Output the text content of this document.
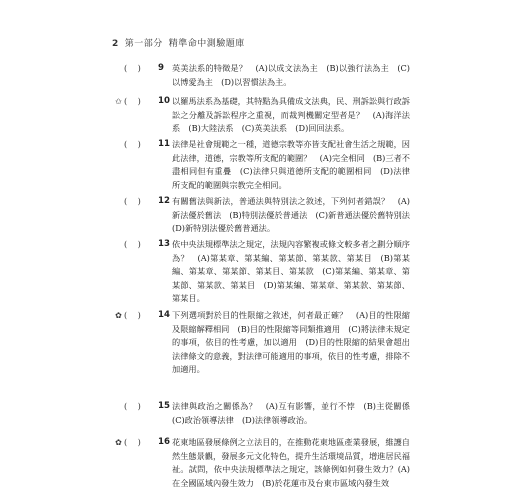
2 第一部分 精準命中測驗題庫
(    )	9 英美法系的特徵是？　(A)以成文法為主　(B)以強行法為主　(C)以博愛為主　(D)以習慣法為主。
✩ (    )	10 以羅馬法系為基礎，其特點為具備成文法典，民、刑訴訟與行政訴訟之分離及訴訟程序之重視，而裁判機關定型者是？　(A)海洋法系　(B)大陸法系　(C)英美法系　(D)回回法系。
(    )	11 法律是社會規範之一種，道德宗教等亦皆支配社會生活之規範，因此法律，道德，宗教等所支配的範圍？　(A)完全相同　(B)三者不盡相同但有重疊　(C)法律只與道德所支配的範圍相同　(D)法律所支配的範圍與宗教完全相同。
(    )	12 有關舊法與新法，普通法與特別法之敘述，下列何者錯誤？　(A)新法優於舊法　(B)特別法優於普通法　(C)新普通法優於舊特別法　(D)新特別法優於舊普通法。
(    )	13 依中央法規標準法之規定，法規內容繁複或條文較多者之劃分順序為？　(A)第某章、第某編、第某節、第某款、第某目　(B)第某編、第某章、第某節、第某目、第某款　(C)第某編、第某章、第某節、第某款、第某目　(D)第某編、第某章、第某款、第某節、第某目。
✿ (    )	14 下列選項對於目的性限縮之敘述，何者最正確？　(A)目的性限縮及限縮解釋相同　(B)目的性限縮等同類推適用　(C)將法律未規定的事項，依目的性考慮，加以適用　(D)目的性限縮的結果會超出法律條文的意義，對法律可能適用的事項，依目的性考慮，排除不加適用。
(    )	15 法律與政治之關係為？　(A)互有影響，並行不悖　(B)主從關係　(C)政治領導法律　(D)法律領導政治。
✿ (    )	16 花東地區發展條例之立法目的，在推動花東地區產業發展，維護自然生態景觀，發展多元文化特色，提升生活環境品質，增進居民福祉。試問，依中央法規標準法之規定，該條例如何發生效力？(A)在全國區域內發生效力　(B)於花蓮市及台東市區域內發生效
